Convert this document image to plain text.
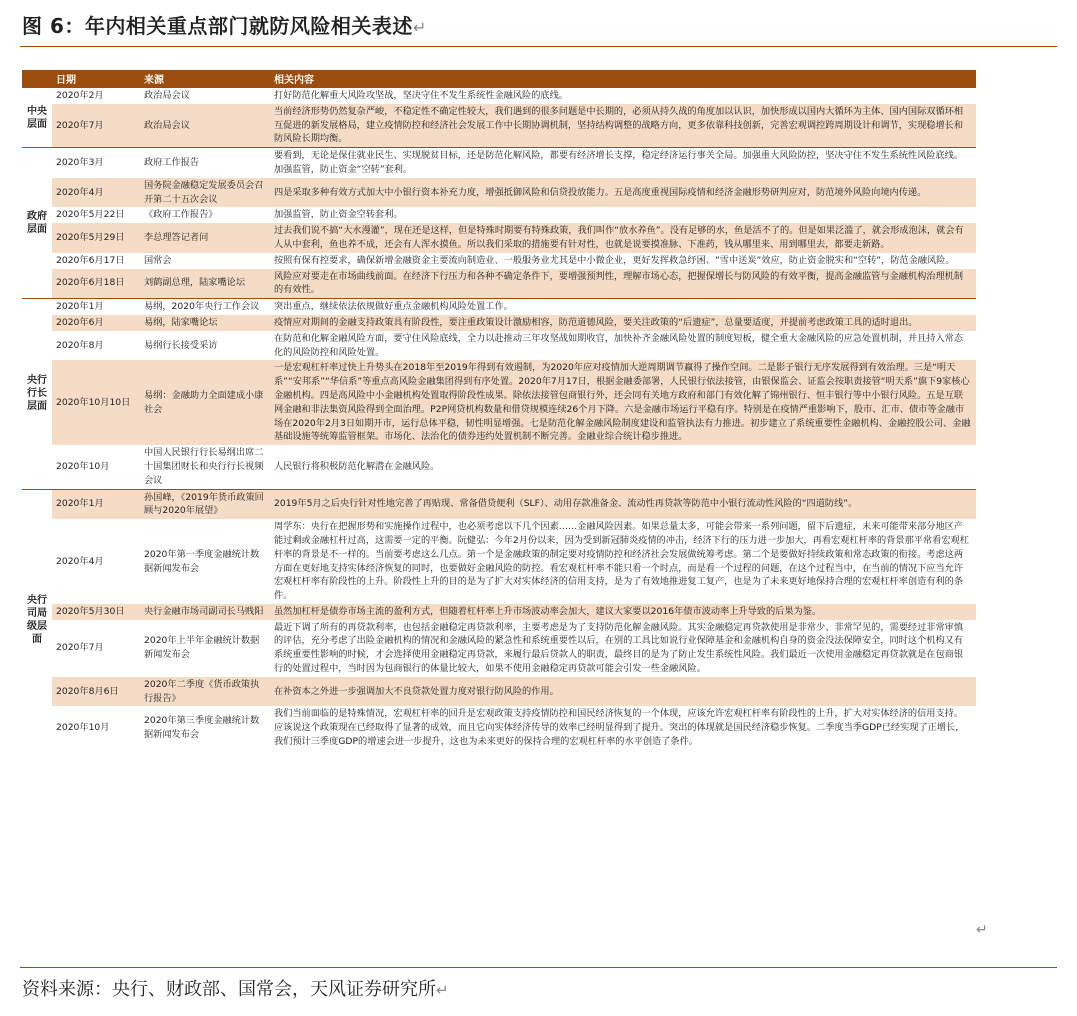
图 6：年内相关重点部门就防风险相关表述↵
	日期	来源	相关内容
中央层面	2020年2月	政治局会议	打好防范化解重大风险攻坚战，坚决守住不发生系统性金融风险的底线。
	2020年7月	政治局会议	当前经济形势仍然复杂严峻，不稳定性不确定性较大，我们遇到的很多问题是中长期的，必须从持久战的角度加以认识，加快形成以国内大循环为主体、国内国际双循环相互促进的新发展格局，建立疫情防控和经济社会发展工作中长期协调机制，坚持结构调整的战略方向，更多依靠科技创新，完善宏观调控跨周期设计和调节，实现稳增长和防风险长期均衡。
政府层面	2020年3月	政府工作报告	要看到，无论是保住就业民生、实现脱贫目标，还是防范化解风险，都要有经济增长支撑，稳定经济运行事关全局。加强重大风险防控，坚决守住不发生系统性风险底线。加强监管，防止资金“空转”套利。
	2020年4月	国务院金融稳定发展委员会召开第二十五次会议	四是采取多种有效方式加大中小银行资本补充力度，增强抵御风险和信贷投放能力。五是高度重视国际疫情和经济金融形势研判应对，防范境外风险向境内传递。
	2020年5月22日	《政府工作报告》	加强监管，防止资金空转套利。
	2020年5月29日	李总理答记者问	过去我们说不搞“大水漫灌”，现在还是这样，但是特殊时期要有特殊政策，我们叫作“放水养鱼”。没有足够的水，鱼是活不了的。但是如果泛滥了，就会形成泡沫，就会有人从中套利，鱼也养不成，还会有人浑水摸鱼。所以我们采取的措施要有针对性，也就是说要摸准脉、下准药，钱从哪里来、用到哪里去，都要走新路。
	2020年6月17日	国常会	按照有保有控要求，确保新增金融资金主要流向制造业、一般服务业尤其是中小微企业，更好发挥救急纾困、“雪中送炭”效应，防止资金脱实和“空转”，防范金融风险。
	2020年6月18日	刘鹤副总理，陆家嘴论坛	风险应对要走在市场曲线前面。在经济下行压力和各种不确定条件下，要增强预判性，理解市场心态，把握保增长与防风险的有效平衡，提高金融监管与金融机构治理机制的有效性。
央行行长层面	2020年1月	易纲，2020年央行工作会议	突出重点，继续依法依规做好重点金融机构风险处置工作。
	2020年6月	易纲，陆家嘴论坛	疫情应对期间的金融支持政策具有阶段性，要注重政策设计激励相容，防范道德风险，要关注政策的“后遗症”，总量要适度，并提前考虑政策工具的适时退出。
	2020年8月	易纲行长接受采访	在防范和化解金融风险方面，要守住风险底线，全力以赴推动三年攻坚战如期收官，加快补齐金融风险处置的制度短板，健全重大金融风险的应急处置机制，并且持入常态化的风险防控和风险处置。
	2020年10月10日	易纲：金融助力全面建成小康社会	一是宏观杠杆率过快上升势头在2018年至2019年得到有效遏制，为2020年应对疫情加大逆周期调节赢得了操作空间。二是影子银行无序发展得到有效治理。三是“明天系”“安邦系”“华信系”等重点高风险金融集团得到有序处置。2020年7月17日，根据金融委部署，人民银行依法接管，由银保监会、证监会按职责接管“明天系”旗下9家核心金融机构。四是高风险中小金融机构处置取得阶段性成果。除依法接管包商银行外，还会同有关地方政府和部门有效化解了锦州银行、恒丰银行等中小银行风险。五是互联网金融和非法集资风险得到全面治理。P2P网贷机构数量和借贷规模连续26个月下降。六是金融市场运行平稳有序。特别是在疫情严重影响下，股市、汇市、债市等金融市场在2020年2月3日如期开市，运行总体平稳，韧性明显增强。七是防范化解金融风险制度建设和监管执法有力推进。初步建立了系统重要性金融机构、金融控股公司、金融基础设施等统筹监管框架。市场化、法治化的债券违约处置机制不断完善。金融业综合统计稳步推进。
	2020年10月	中国人民银行行长易纲出席二十国集团财长和央行行长视频会议	人民银行将积极防范化解潜在金融风险。
央行司局级层面	2020年1月	孙国峰，《2019年货币政策回顾与2020年展望》	2019年5月之后央行针对性地完善了再贴现、常备借贷便利（SLF）、动用存款准备金、流动性再贷款等防范中小银行流动性风险的“四道防线”。
	2020年4月	2020年第一季度金融统计数据新闻发布会	周学东：央行在把握形势和实施操作过程中，也必须考虑以下几个因素……金融风险因素。如果总量太多，可能会带来一系列问题，留下后遗症，未来可能带来部分地区产能过剩或金融杠杆过高，这需要一定的平衡。阮健弘：今年2月份以来，因为受到新冠肺炎疫情的冲击，经济下行的压力进一步加大，再看宏观杠杆率的背景那平常看宏观杠杆率的背景是不一样的。当前要考虑这么几点。第一个是金融政策的制定要对疫情防控和经济社会发展做统筹考虑。第二个是要做好持续政策和常态政策的衔接。考虑这两方面在更好地支持实体经济恢复的同时，也要做好金融风险的防控。看宏观杠杆率不能只看一个时点，而是看一个过程的问题，在这个过程当中，在当前的情况下应当允许宏观杠杆率有阶段性的上升。阶段性上升的目的是为了扩大对实体经济的信用支持，是为了有效地推进复工复产，也是为了未来更好地保持合理的宏观杠杆率创造有利的条件。
	2020年5月30日	央行金融市场司副司长马贱阳	虽然加杠杆是债券市场主流的盈利方式，但随着杠杆率上升市场波动率会加大，建议大家要以2016年债市波动率上升导致的后果为鉴。
	2020年7月	2020年上半年金融统计数据新闻发布会	最近下调了所有的再贷款利率，也包括金融稳定再贷款利率，主要考虑是为了支持防范化解金融风险。其实金融稳定再贷款使用是非常少、非常罕见的，需要经过非常审慎的评估，充分考虑了出险金融机构的情况和金融风险的紧急性和系统重要性以后，在别的工具比如说行业保障基金和金融机构自身的资金没法保障安全，同时这个机构又有系统重要性影响的时候，才会选择使用金融稳定再贷款，来履行最后贷款人的职责，最终目的是为了防止发生系统性风险。我们最近一次使用金融稳定再贷款就是在包商银行的处置过程中，当时因为包商银行的体量比较大，如果不使用金融稳定再贷款可能会引发一些金融风险。
	2020年8月6日	2020年二季度《货币政策执行报告》	在补资本之外进一步强调加大不良贷款处置力度对银行防风险的作用。
	2020年10月	2020年第三季度金融统计数据新闻发布会	我们当前面临的是特殊情况，宏观杠杆率的回升是宏观政策支持疫情防控和国民经济恢复的一个体现，应该允许宏观杠杆率有阶段性的上升，扩大对实体经济的信用支持。应该说这个政策现在已经取得了显著的成效，而且它向实体经济传导的效率已经明显得到了提升。突出的体现就是国民经济稳步恢复。二季度当季GDP已经实现了正增长，我们预计三季度GDP的增速会进一步提升，这也为未来更好的保持合理的宏观杠杆率的水平创造了条件。
↵
资料来源：央行、财政部、国常会，天风证券研究所↵
